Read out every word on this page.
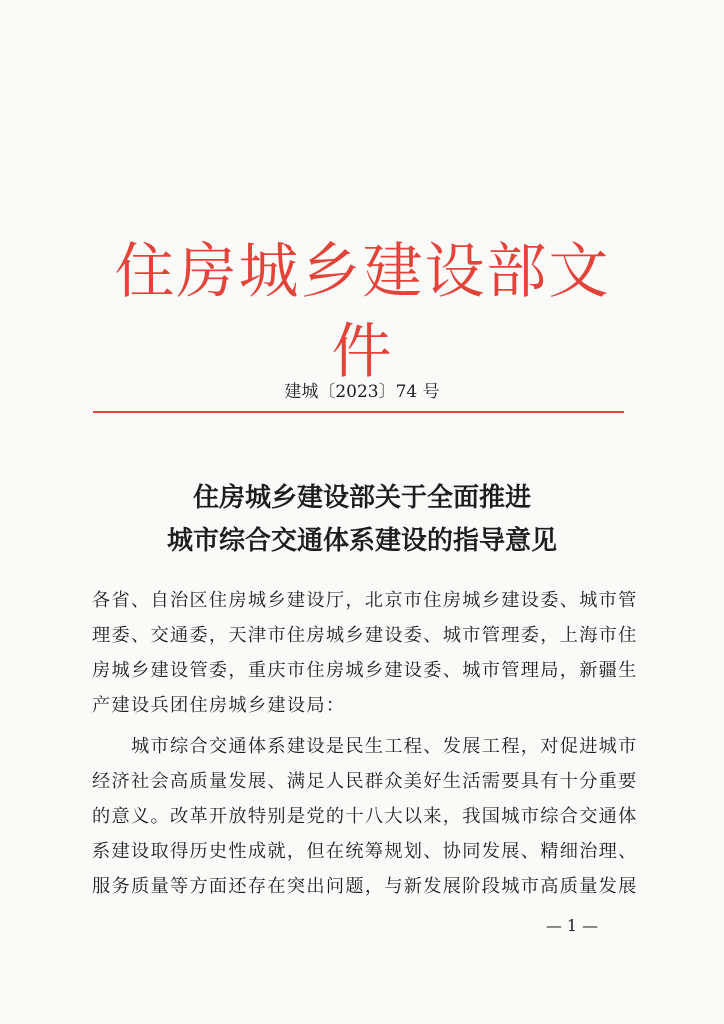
住房城乡建设部文件
建城〔2023〕74 号
住房城乡建设部关于全面推进
城市综合交通体系建设的指导意见
各省、自治区住房城乡建设厅，北京市住房城乡建设委、城市管
理委、交通委，天津市住房城乡建设委、城市管理委，上海市住
房城乡建设管委，重庆市住房城乡建设委、城市管理局，新疆生
产建设兵团住房城乡建设局：
　　城市综合交通体系建设是民生工程、发展工程，对促进城市
经济社会高质量发展、满足人民群众美好生活需要具有十分重要
的意义。改革开放特别是党的十八大以来，我国城市综合交通体
系建设取得历史性成就，但在统筹规划、协同发展、精细治理、
服务质量等方面还存在突出问题，与新发展阶段城市高质量发展
— 1 —
